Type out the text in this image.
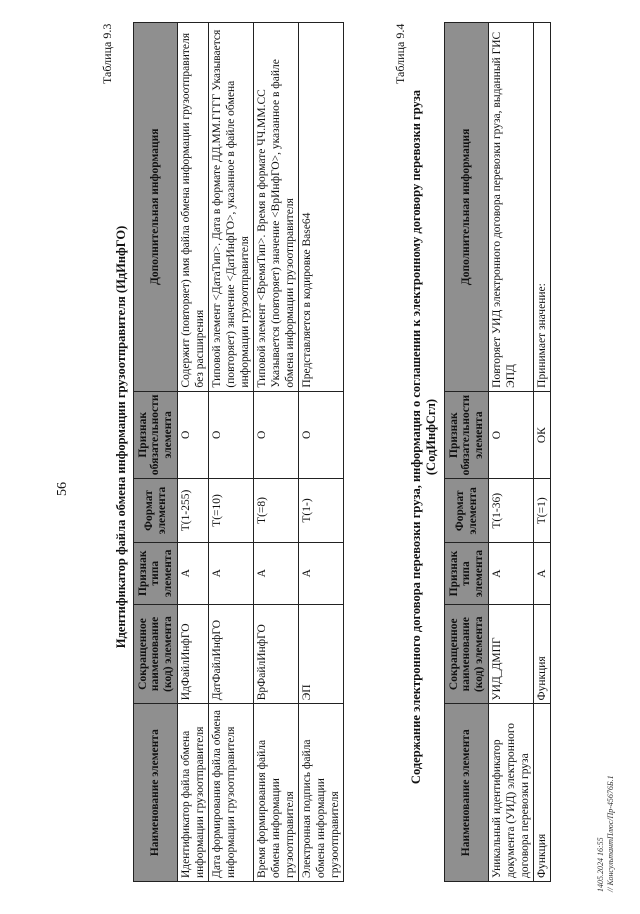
56
Таблица 9.3
Идентификатор файла обмена информации грузоотправителя (ИдИнфГО)
Наименование элемента	Сокращенное наименование (код) элемента	Признак типа элемента	Формат элемента	Признак обязательности элемента	Дополнительная информация
Идентификатор файла обмена информации грузоотправителя	ИдФайлИнфГО	А	Т(1-255)	О	Содержит (повторяет) имя файла обмена информации грузоотправителя без расширения
Дата формирования файла обмена информации грузоотправителя	ДатФайлИнфГО	А	Т(=10)	О	Типовой элемент <ДатаТип>. Дата в формате ДД.ММ.ГГГГ Указывается (повторяет) значение <ДатИнфГО>, указанное в файле обмена информации грузоотправителя
Время формирования файла обмена информации грузоотправителя	ВрФайлИнфГО	А	Т(=8)	О	Типовой элемент <ВремяТип>. Время в формате ЧЧ.ММ.СС Указывается (повторяет) значение <ВрИнфГО>, указанное в файле обмена информации грузоотправителя
Электронная подпись файла обмена информации грузоотправителя	ЭП	А	Т(1-)	О	Представляется в кодировке Base64
Таблица 9.4
Содержание электронного договора перевозки груза, информация о соглашении к электронному договору перевозки груза (СодИнфСгл)
Наименование элемента	Сокращенное наименование (код) элемента	Признак типа элемента	Формат элемента	Признак обязательности элемента	Дополнительная информация
Уникальный идентификатор документа (УИД) электронного договора перевозки груза	УИД_ДМПГ	А	Т(1-36)	О	Повторяет УИД электронного договора перевозки груза, выданный ГИС ЭПД
Функция	Функция	А	Т(=1)	ОК	Принимает значение:
1405.2024 16:55 // КонсультантПлюс/Пр-45676Б.1
